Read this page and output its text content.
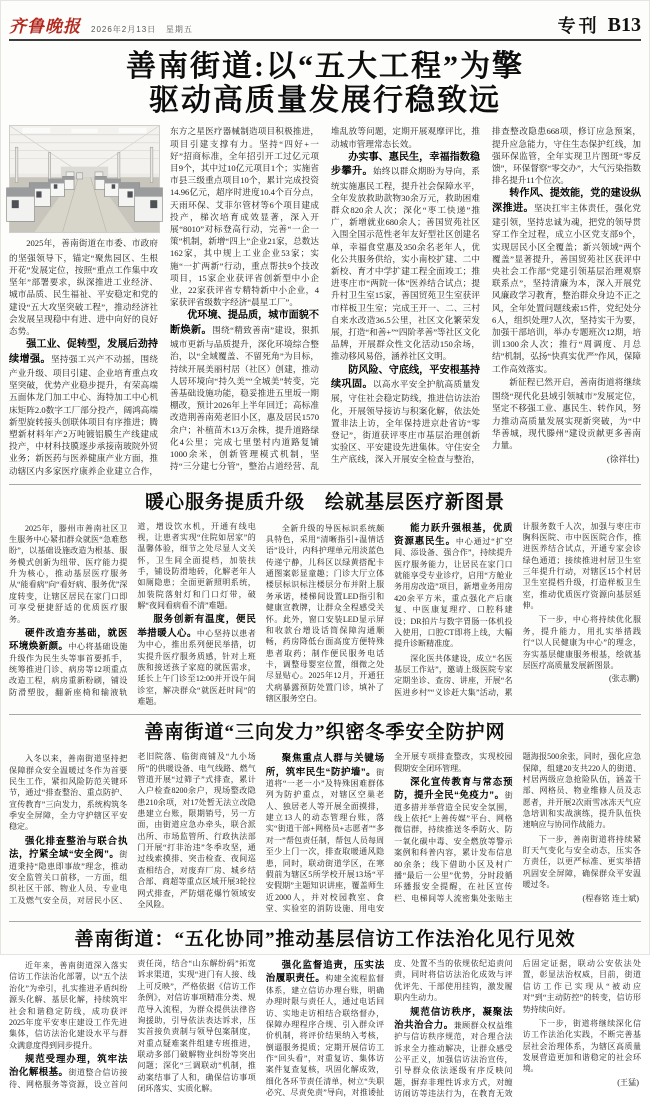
齐鲁晚报 2026年2月13日 星期五	专刊 B13
善南街道:以“五大工程”为擎
驱动高质量发展行稳致远

2025年，善南街道在市委、市政府的坚强领导下，锚定“聚焦园区、生根开花”发展定位，按照“重点工作集中攻坚年”部署要求，纵深推进工业经济、城市品质、民生福祉、平安稳定和党的建设“五大攻坚突破工程”，推动经济社会发展呈现稳中有进、进中向好的良好态势。

强工业、促转型，发展后劲持续增强。坚持强工兴产不动摇，围绕产业升级、项目引建、企业培育重点攻坚突破，优势产业稳步提升，有荣高端五面体龙门加工中心、海特加工中心机床矩阵2.0数字工厂部分投产，阔鸿高端新型旋转接头创联体项目有序推进；腾塑新材料年产2万吨镀铝膜生产线建成投产，中材科技膜逐步承接南玻院外贸业务；新医药与医养健康产业方面，推动辖区内多家医疗康养企业建立合作，东方之星医疗器械制造项目积极推进，项目引建支撑有力。坚持“四好+一好”招商标准，全年招引开工过亿元项目9个，其中过10亿元项目1个；实施省市县三级重点项目10个，累计完成投资14.96亿元，超序时进度10.4个百分点，天雨环保、艾菲尔管材等6个项目建成投产，梯次培育成效显著，深入开展“8010”对标登高行动，完善“一企一策”机制，新增“四上”企业21家，总数达162家，其中规上工业企业53家；实施“一扩两新”行动，重点帮扶9个技改项目，15家企业获评省创新型中小企业，22家获评省专精特新中小企业，4家获评省级数字经济“晨星工厂”。

优环境、提品质，城市面貌不断焕新。围绕“精致善南”建设，狠抓城市更新与品质提升，深化环境综合整治，以“全域覆盖、不留死角”为目标，持续开展美丽村居（社区）创建，推动人居环境向“持久美”“全城美”转变，完善基础设施功能，稳妥推进五里坂一期棚改，预计2026年上半年回迁；高标准改造荆善南苑老旧小区，惠及居民1570余户；补植苗木13万余株，提升道路绿化4公里；完成七里堡村内道路复铺1000余米，创新管理模式机制，坚持“三分建七分管”，整治占道经营、乱堆乱放等问题，定期开展观摩评比，推动城市管理常态长效。

办实事、惠民生，幸福指数稳步攀升。始终以群众期盼为导向，系统实施惠民工程，提升社会保障水平，全年发放救助款物30余万元，救助困难群众820余人次；深化“枣工快递”推广，新增就业680余人；善国贸苑社区入围全国示范性老年友好型社区创建名单，幸福食堂惠及350余名老年人，优化公共服务供给，实小南校扩建、二中新校、育才中学扩建工程全面竣工；推进枣庄市“两院一体”医养结合试点；提升村卫生室15家，善国贸苑卫生室获评市样板卫生室；完成王开一、二、三村自来水改造36.5公里，社区文化繁荣发展，打造“和善+”“四阶孝善”等社区文化品牌，开展群众性文化活动150余场，推动移风易俗，涵养社区文明。

防风险、守底线，平安根基持续巩固。以高水平安全护航高质量发展，守住社会稳定防线，推进信访法治化，开展领导接访与积案化解，依法处置非法上访，全年保持进京赴省访“零登记”，街道获评枣庄市基层治理创新实验区、平安建设先进集体。守住安全生产底线，深入开展安全检查与整治，排查整改隐患668项，修订应急预案，提升应急能力，守住生态保护红线，加强环保监管，全年实现卫片图斑“零反馈”，环保督察“零交办”，大气污染指数排名提升11个位次。

转作风、提效能，党的建设纵深推进。坚决扛牢主体责任，强化党建引领，坚持忠诚为魂，把党的领导贯穿工作全过程，成立小区党支部9个，实现居民小区全覆盖；新兴领域“两个覆盖”显著提升，善国贸苑社区获评中央社会工作部“党建引领基层治理观察联系点”，坚持清廉为本，深入开展党风廉政学习教育，整治群众身边不正之风，全年处置问题线索15件，党纪处分6人，组织处理7人次，坚持实干为要，加强干部培训，举办专题班次12期，培训1300余人次；推行“周调度、月总结”机制，弘扬“快真实优严”作风，保障工作高效落实。

新征程已然开启，善南街道将继续围绕“现代化县域引领城市”发展定位，坚定不移强工业、惠民生、转作风，努力推动高质量发展实现新突破，为“中华善城，现代滕州”建设贡献更多善南力量。

(徐祥壮)

暖心服务提质升级　绘就基层医疗新图景

2025年，滕州市善南社区卫生服务中心紧扣群众就医“急难愁盼”，以基础设施改造为根基、服务模式创新为纽带、医疗能力提升为核心，推动基层医疗服务从“能看病”向“看好病、服务优”深度转变，让辖区居民在家门口即可享受便捷舒适的优质医疗服务。

硬件改造夯基础，就医环境焕新颜。中心将基础设施升级作为民生头等事首要抓手，统筹推进门诊、病房等12项重点改造工程，病房重新粉刷，铺设防滑塑胶，翻新座椅和输液轨道，增设饮水机，开通有线电视，让患者实现“住院如居家”的温馨体验，细节之处尽显人文关怀，卫生间全面提档，加装扶手，铺设防滑地砖，化解老年人如厕隐患；全面更新照明系统，加装院落射灯和门口灯带，破解“夜间看病看不清”难题。

服务创新有温度，便民举措暖人心。中心坚持以患者为中心，推出系列便民举措，切实提升医疗服务质感，针对上班族和接送孩子家庭的就医需求，延长上午门诊至12:00并开设午间诊室，解决群众“就医赶时间”的难题。

全新升级的导医标识系统颇具特色，采用“清晰指引+温情话语”设计，内科护理单元用淡蓝色传递宁静，儿科区以绿黄搭配卡通图案彰显童趣；门诊大厅立体楼层标识标注楼层分布并附上服务承诺，楼梯间设置LED指引和健康宣教牌，让群众全程感受关怀。此外，窗口安装LED显示屏和收款台增设话筒保障沟通顺畅，药房降低台面高度方便特殊患者取药；制作便民服务电话卡，调整母婴室位置，细微之处尽显贴心。2025年12月，开通狂犬病暴露预防处置门诊，填补了辖区服务空白。

能力跃升强根基，优质资源惠民生。中心通过“扩空间、添设备、强合作”，持续提升医疗服务能力，让居民在家门口就能享受专业诊疗，启用“方舱业务用房改造”项目，新增业务用房420余平方米，重点强化产后康复、中医康复理疗、口腔科建设；DR拍片与数字胃肠一体机投入使用，口腔CT即将上线，大幅提升诊断精准度。

深化医共体建设，成立“名医基层工作站”，邀请上级医院专家定期坐诊、查房、讲座，开展“名医进乡村”“义诊赶大集”活动，累计服务数千人次，加强与枣庄市胸科医院、市中医医院合作，推进医养结合试点，开通专家会诊绿色通道；接续推进村居卫生室三年提升行动，对辖区15个村居卫生室提档升级，打造样板卫生室，推动优质医疗资源向基层延伸。

下一步，中心将持续优化服务，提升能力，用扎实举措践行“以人民健康为中心”的理念，夯实基层健康服务根基，绘就基层医疗高质量发展新图景。

(张志鹏)

善南街道“三向发力”织密冬季安全防护网

入冬以来，善南街道坚持把保障群众安全温暖过冬作为首要民生工作，紧扣风险防范关键环节，通过“排查整治、重点防护、宣传教育”三向发力，系统构筑冬季安全屏障，全力守护辖区平安稳定。

强化排查整治与联合执法，拧紧全域“安全阀”。街道秉持“隐患即事故”理念，推动安全监管关口前移，一方面，组织社区干部、物业人员、专业电工及燃气安全员，对居民小区、老旧院落、临街商铺及“九小场所”的供暖设备、电气线路、燃气管道开展“过筛子”式排查，累计入户检查8200余户，现场整改隐患210余项，对17处暂无法立改隐患建立台账，限期销号，另一方面，由街道应急办牵头，联合派出所、市场监管所、行政执法部门开展“打非治违”冬季攻坚，通过线索摸排、突击检查、夜间巡查相结合，对废弃厂房、城乡结合部、商超等重点区域开展3轮拉网式排查，严防烟花爆竹领域安全风险。

聚焦重点人群与关键场所，筑牢民生“防护墙”。街道将“一老一小”及特殊困难群体列为防护重点，对辖区空巢老人、独居老人等开展全面摸排，建立13人的动态管理台账，落实“街道干部+网格员+志愿者”“多对一”帮包责任制，帮包人员每周至少上门一次，排查取暖通风隐患，同时，联动街道学区，在寒假前为辖区5所学校开展13场“平安假期”主题知识讲座，覆盖师生近2000人，并对校园教室、食堂、实验室的消防设施、用电安全开展专项排查整改，实现校园假期安全闭环管理。

深化宣传教育与常态预防，提升全民“免疫力”。街道多措并举营造全民安全氛围，线上依托“上善传媒”平台、网格微信群，持续推送冬季防火、防一氧化碳中毒、安全燃放等警示案例和科普内容，累计发布信息80余条；线下借助小区及村广播“最后一公里”优势，分时段循环播报安全提醒，在社区宣传栏、电梯间等人流密集处张贴主题海报500余张，同时，强化应急保障，组建20支共220人的街道、村居两级应急抢险队伍，涵盖干部、网格员、物业维修人员及志愿者，并开展2次雨雪冰冻天气应急培训和实战演练，提升队伍快速响应与协同作战能力。

下一步，善南街道将持续紧盯天气变化与安全动态，压实各方责任，以更严标准、更实举措巩固安全屏障，确保群众平安温暖过冬。

(程春铭 连士斌)

善南街道：“五化协同”推动基层信访工作法治化见行见效

近年来，善南街道深入落实信访工作法治化部署，以“五个法治化”为牵引，扎实推进矛盾纠纷源头化解、基层化解，持续筑牢社会和谐稳定防线，成功获评2025年度平安枣庄建设工作先进集体，信访法治化建设水平与群众满意度得到同步提升。

规范受理办理，筑牢法治化解根基。街道整合信访接待、网格服务等资源，设立首问责任岗，结合“山东解纷码”拓宽诉求渠道，实现“进门有人接、线上可反映”，严格依据《信访工作条例》，对信访事项精准分类、规范导入流程，为群众提供法律咨询援助，引导依法表达诉求，压实首接负责制与领导包案制度，对重点疑难案件组建专班推进，联动多部门破解物业纠纷等突出问题；深化“三调联动”机制，推动案结事了人和，确保信访事项闭环落实、实质化解。

强化监督追责，压实法治履职责任。构建全流程监督体系，建立信访办理台账，明确办理时限与责任人，通过电话回访、实地走访相结合联络督办，保障办理程序合规、引入群众评价机制，将评价结果纳入考核，倒逼服务提质；定期开展信访工作“回头看”，对重复访、集体访案件复查复核，巩固化解成效，细化各环节责任清单，树立“失职必究、尽责免责”导向，对推诿扯皮、处置不当的依规依纪追责问责，同时将信访法治化成效与评优评先、干部使用挂钩，激发履职内生动力。

规范信访秩序，凝聚法治共治合力。兼顾群众权益维护与信访秩序规范，对合理合法诉求全力推动解决，让群众感受公平正义，加强信访法治宣传，引导群众依法逐级有序反映问题，摒弃非理性诉求方式，对缠访闹访等违法行为，在教育无效后固定证据，联动公安依法处置，彰显法治权威，目前，街道信访工作已实现从“被动应对”到“主动防控”的转变，信访形势持续向好。

下一步，街道将继续深化信访工作法治化实践，不断完善基层社会治理体系，为辖区高质量发展营造更加和谐稳定的社会环境。

(王猛)
